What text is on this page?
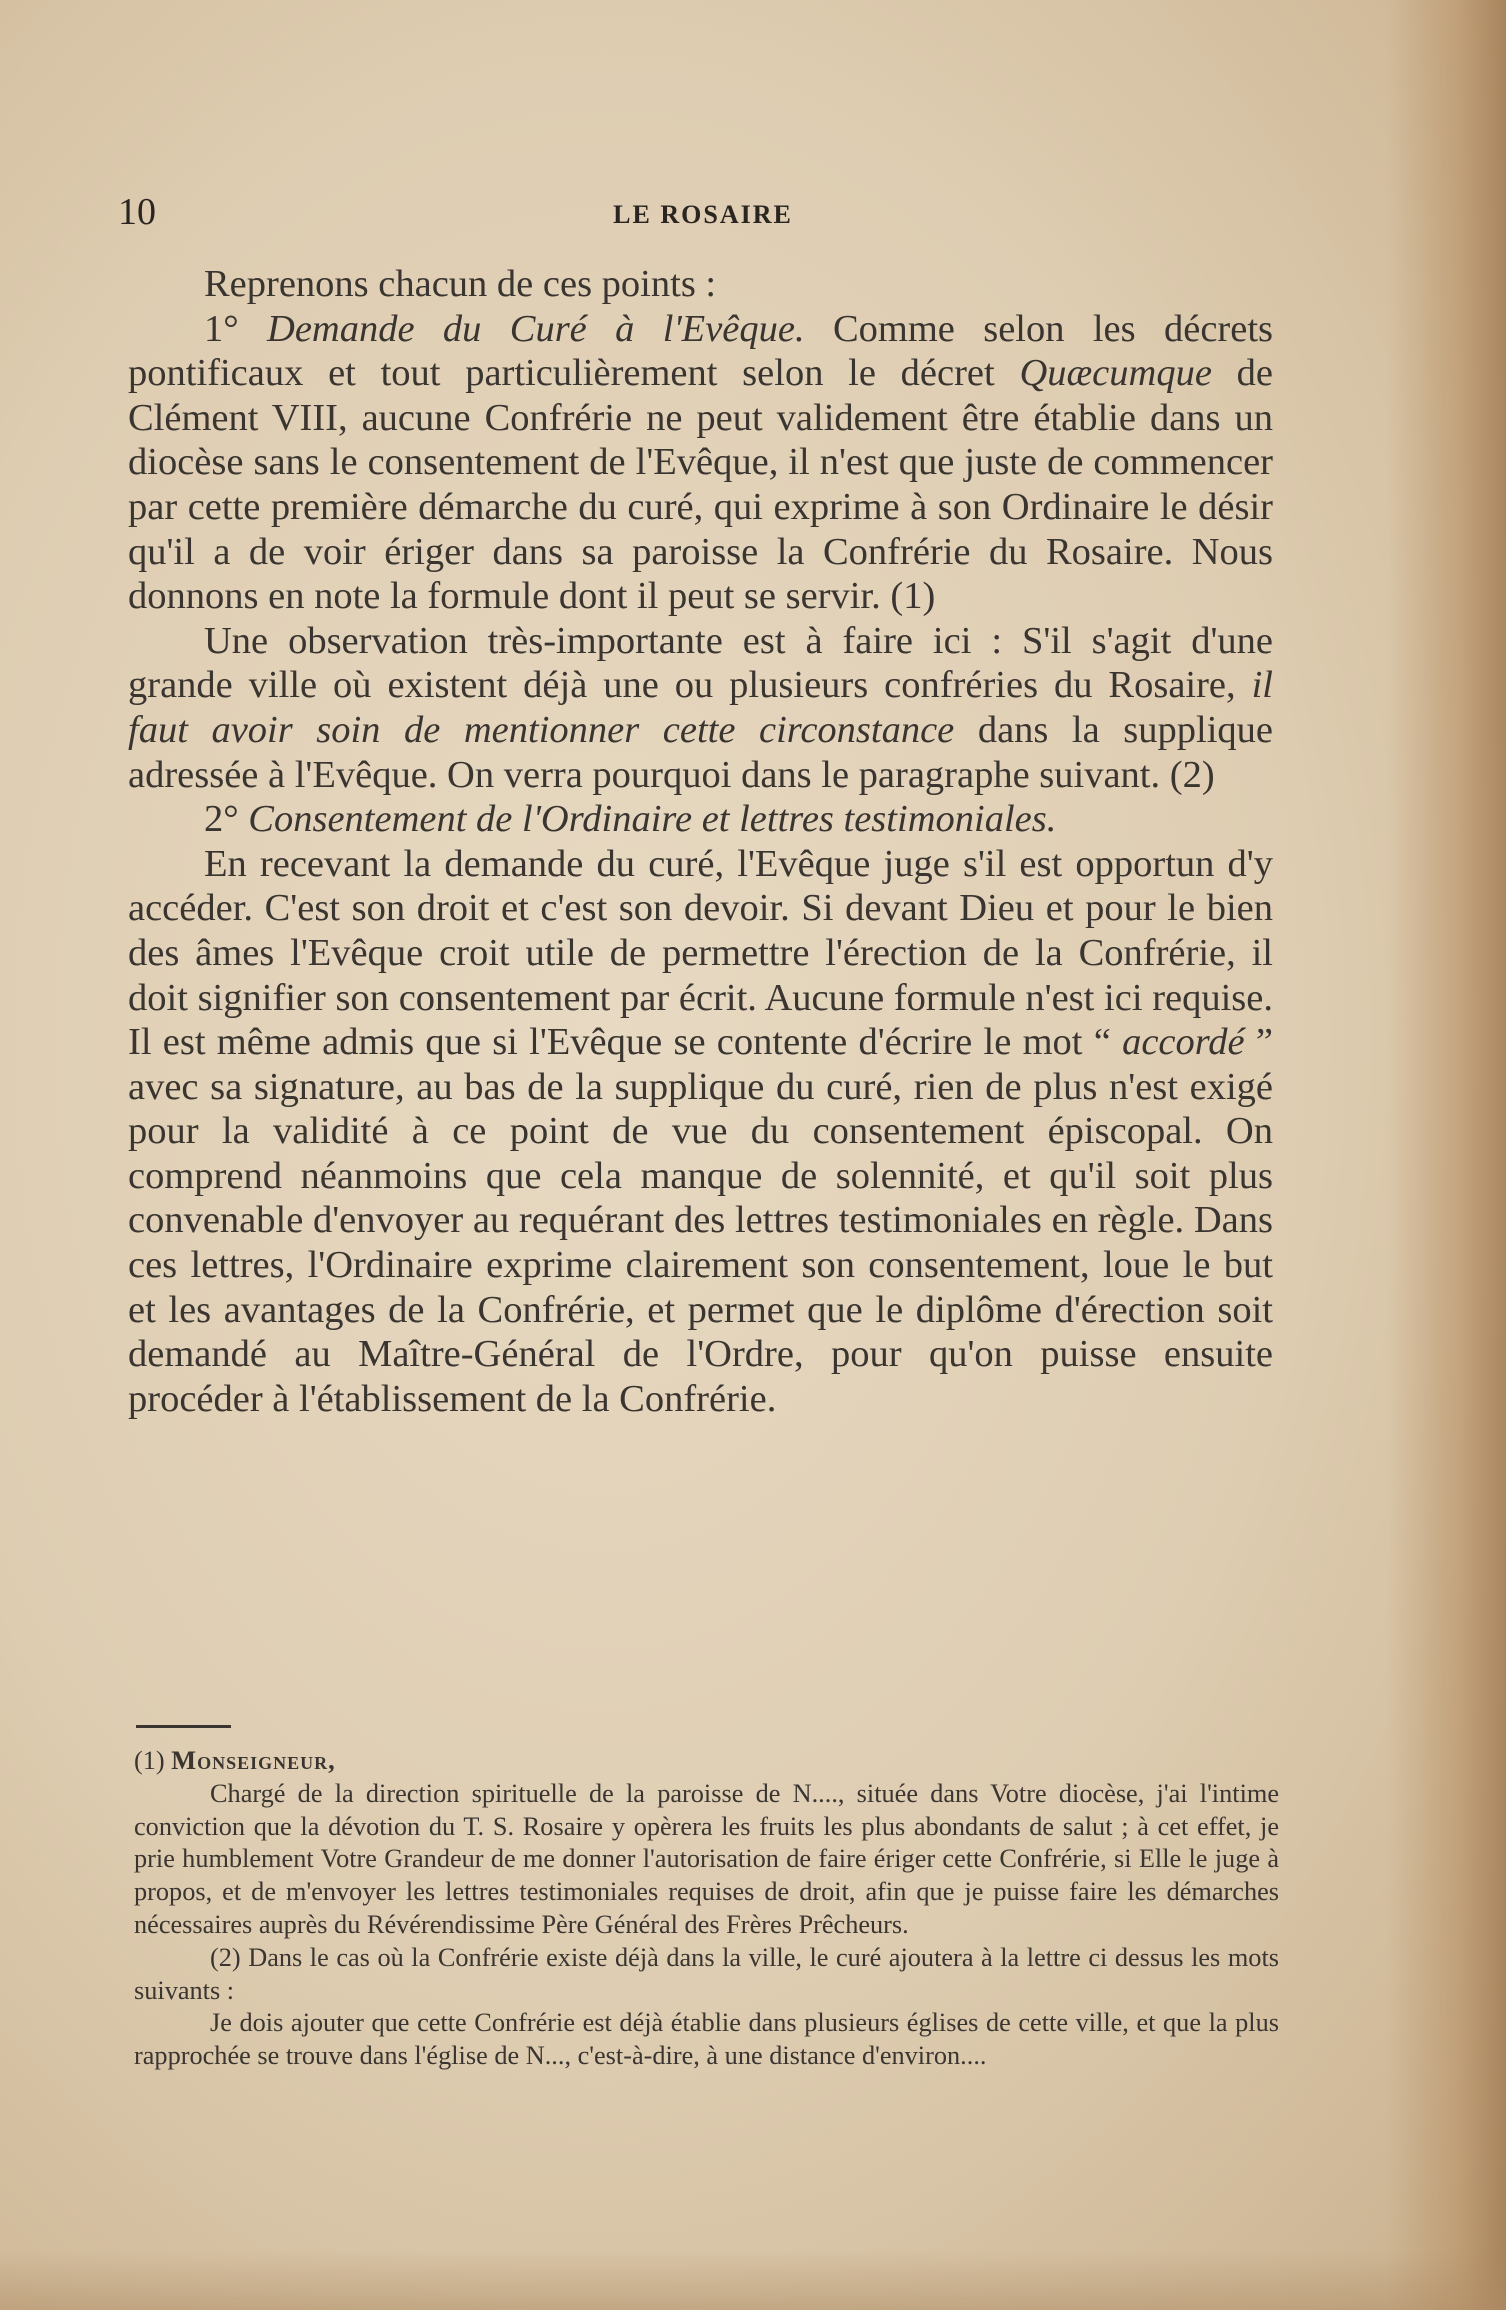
10	LE ROSAIRE

Reprenons chacun de ces points :

1° Demande du Curé à l'Evêque. Comme selon les décrets pontificaux et tout particulièrement selon le décret Quæcumque de Clément VIII, aucune Confrérie ne peut validement être établie dans un diocèse sans le consentement de l'Evêque, il n'est que juste de commencer par cette première démarche du curé, qui exprime à son Ordinaire le désir qu'il a de voir ériger dans sa paroisse la Confrérie du Rosaire. Nous donnons en note la formule dont il peut se servir. (1)

Une observation très-importante est à faire ici : S'il s'agit d'une grande ville où existent déjà une ou plusieurs confréries du Rosaire, il faut avoir soin de mentionner cette circonstance dans la supplique adressée à l'Evêque. On verra pourquoi dans le paragraphe suivant. (2)

2° Consentement de l'Ordinaire et lettres testimoniales.

En recevant la demande du curé, l'Evêque juge s'il est opportun d'y accéder. C'est son droit et c'est son devoir. Si devant Dieu et pour le bien des âmes l'Evêque croit utile de permettre l'érection de la Confrérie, il doit signifier son consentement par écrit. Aucune formule n'est ici requise. Il est même admis que si l'Evêque se contente d'écrire le mot “ accordé ” avec sa signature, au bas de la supplique du curé, rien de plus n'est exigé pour la validité à ce point de vue du consentement épiscopal. On comprend néanmoins que cela manque de solennité, et qu'il soit plus convenable d'envoyer au requérant des lettres testimoniales en règle. Dans ces lettres, l'Ordinaire exprime clairement son consentement, loue le but et les avantages de la Confrérie, et permet que le diplôme d'érection soit demandé au Maître-Général de l'Ordre, pour qu'on puisse ensuite procéder à l'établissement de la Confrérie.

(1) Monseigneur,

Chargé de la direction spirituelle de la paroisse de N...., située dans Votre diocèse, j'ai l'intime conviction que la dévotion du T. S. Rosaire y opèrera les fruits les plus abondants de salut ; à cet effet, je prie humblement Votre Grandeur de me donner l'autorisation de faire ériger cette Confrérie, si Elle le juge à propos, et de m'envoyer les lettres testimoniales requises de droit, afin que je puisse faire les démarches nécessaires auprès du Révérendissime Père Général des Frères Prêcheurs.

(2) Dans le cas où la Confrérie existe déjà dans la ville, le curé ajoutera à la lettre ci dessus les mots suivants :

Je dois ajouter que cette Confrérie est déjà établie dans plusieurs églises de cette ville, et que la plus rapprochée se trouve dans l'église de N..., c'est-à-dire, à une distance d'environ....
